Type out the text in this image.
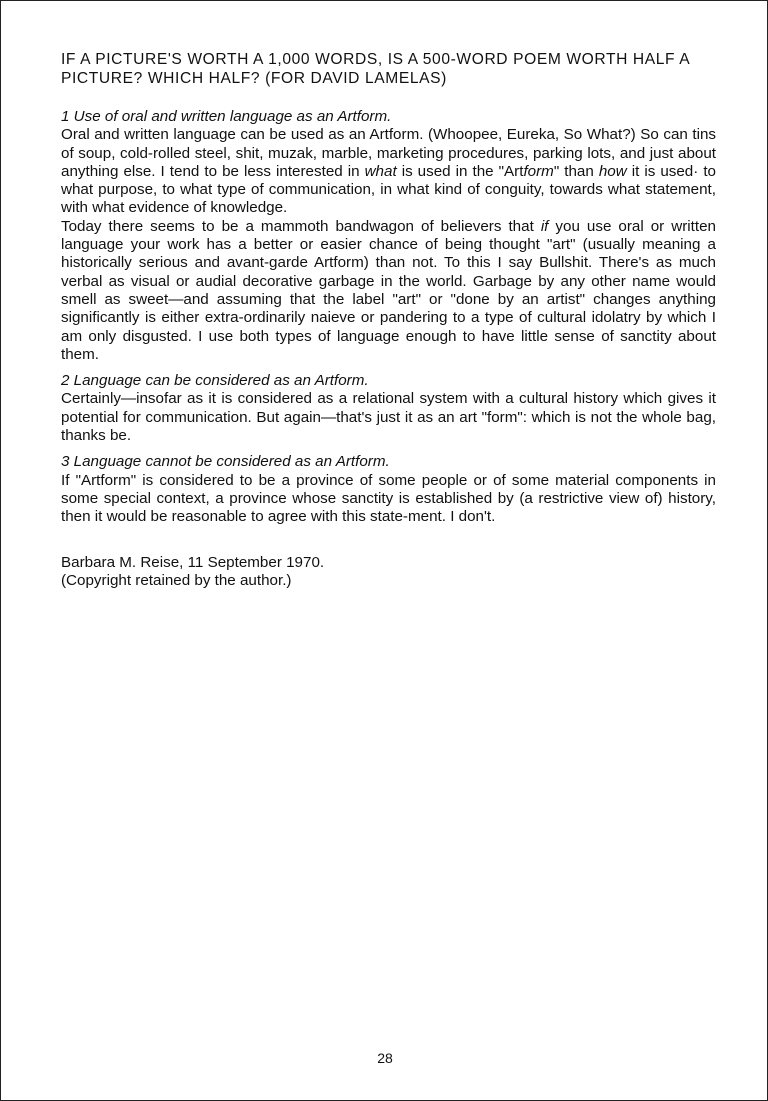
IF A PICTURE'S WORTH A 1,000 WORDS, IS A 500-WORD POEM WORTH HALF A PICTURE? WHICH HALF? (FOR DAVID LAMELAS)
1 Use of oral and written language as an Artform.

Oral and written language can be used as an Artform. (Whoopee, Eureka, So What?) So can tins of soup, cold-rolled steel, shit, muzak, marble, marketing procedures, parking lots, and just about anything else. I tend to be less interested in what is used in the "Artform" than how it is used· to what purpose, to what type of communication, in what kind of conguity, towards what statement, with what evidence of knowledge.

Today there seems to be a mammoth bandwagon of believers that if you use oral or written language your work has a better or easier chance of being thought "art" (usually meaning a historically serious and avant-garde Artform) than not. To this I say Bullshit. There's as much verbal as visual or audial decorative garbage in the world. Garbage by any other name would smell as sweet—and assuming that the label "art" or "done by an artist" changes anything significantly is either extra-ordinarily naieve or pandering to a type of cultural idolatry by which I am only disgusted. I use both types of language enough to have little sense of sanctity about them.

2 Language can be considered as an Artform.

Certainly—insofar as it is considered as a relational system with a cultural history which gives it potential for communication. But again—that's just it as an art "form": which is not the whole bag, thanks be.

3 Language cannot be considered as an Artform.

If "Artform" is considered to be a province of some people or of some material components in some special context, a province whose sanctity is established by (a restrictive view of) history, then it would be reasonable to agree with this state-ment. I don't.

Barbara M. Reise, 11 September 1970.
(Copyright retained by the author.)
28
